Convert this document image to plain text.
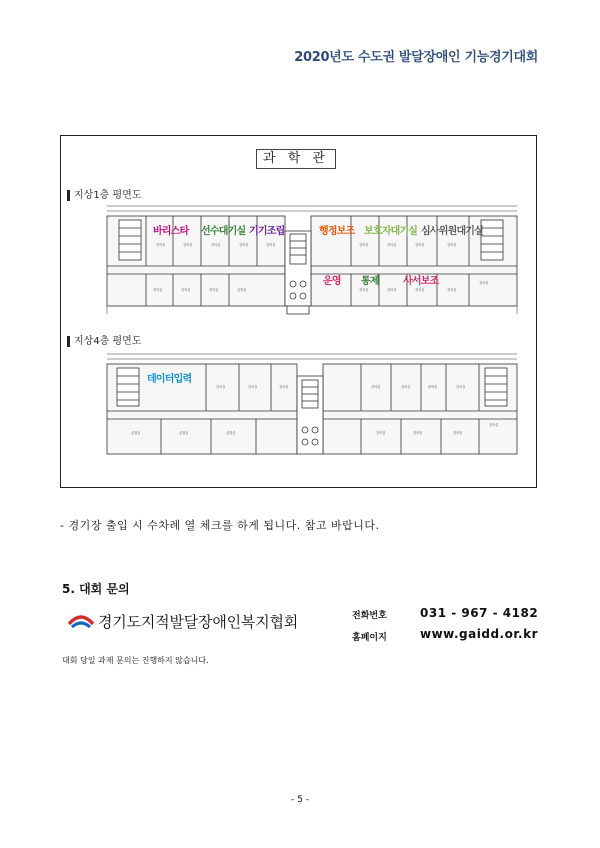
2020년도 수도권 발달장애인 기능경기대회
강의실	강의실	강의실	강의실	강의실	강의실	강의실	강의실	강의실
강의실
강의실	강의실	강의실	실험실	강의실	강의실	강의실	강의실
강의실	강의실	강의실	강의실	강의실	준비실	강의실
강의실
실험실	실험실	실험실	강의실	강의실	강의실
과 학 관
지상1층 평면도
지상4층 평면도
바리스타 선수대기실 기기조립	행정보조 보호자대기실 심사위원대기실
운영 통제 사서보조
데이터입력
- 경기장 출입 시 수차례 열 체크를 하게 됩니다. 참고 바랍니다.
5. 대회 문의
경기도지적발달장애인복지협회	전화번호	031 - 967 - 4182
홈페이지	www.gaidd.or.kr
대회 당일 과제 문의는 진행하지 않습니다.
- 5 -
